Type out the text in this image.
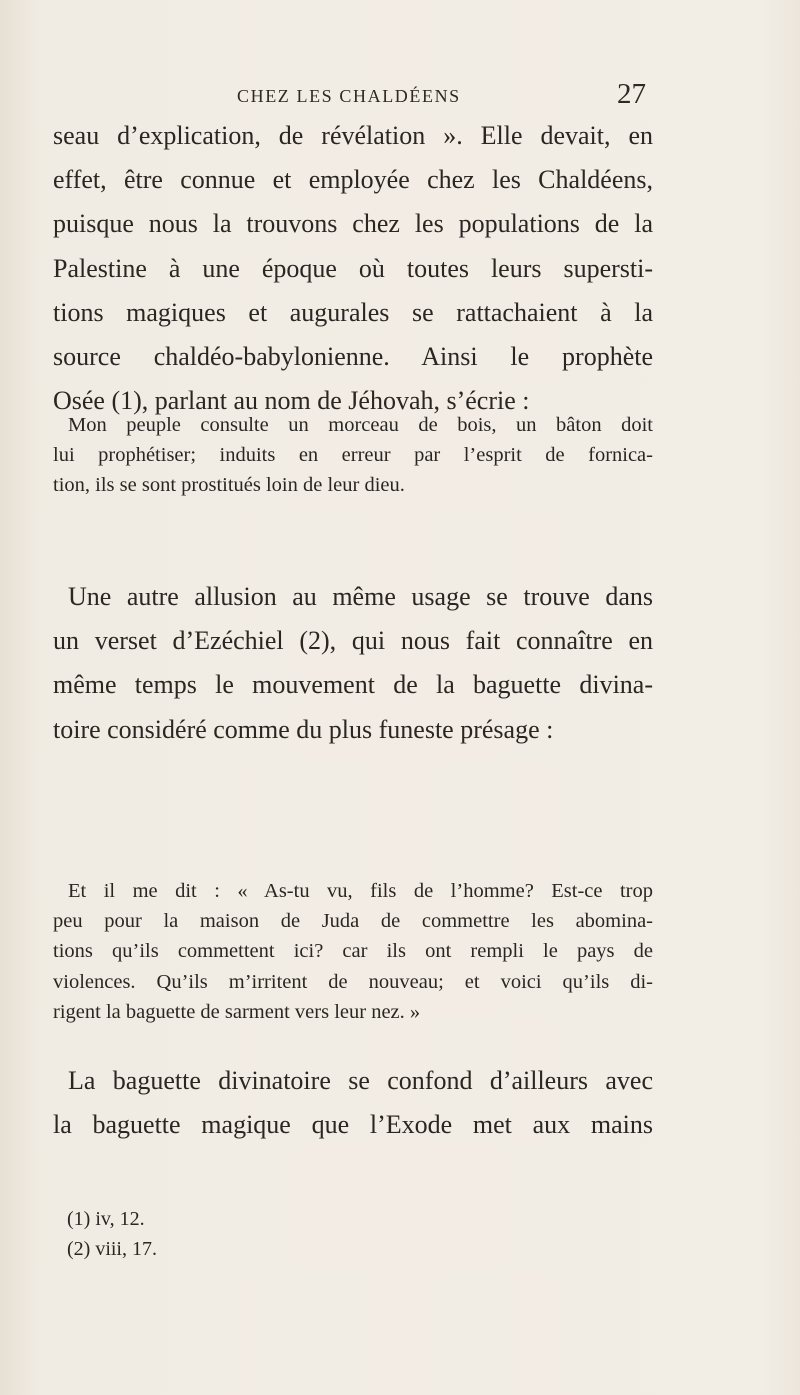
CHEZ LES CHALDÉENS	27

seau d’explication, de révélation ». Elle devait, en
effet, être connue et employée chez les Chaldéens,
puisque nous la trouvons chez les populations de la
Palestine à une époque où toutes leurs supersti-
tions magiques et augurales se rattachaient à la
source chaldéo-babylonienne. Ainsi le prophète
Osée (1), parlant au nom de Jéhovah, s’écrie :

Mon peuple consulte un morceau de bois, un bâton doit
lui prophétiser; induits en erreur par l’esprit de fornica-
tion, ils se sont prostitués loin de leur dieu.

Une autre allusion au même usage se trouve dans
un verset d’Ezéchiel (2), qui nous fait connaître en
même temps le mouvement de la baguette divina-
toire considéré comme du plus funeste présage :

Et il me dit : « As-tu vu, fils de l’homme? Est-ce trop
peu pour la maison de Juda de commettre les abomina-
tions qu’ils commettent ici? car ils ont rempli le pays de
violences. Qu’ils m’irritent de nouveau; et voici qu’ils di-
rigent la baguette de sarment vers leur nez. »

La baguette divinatoire se confond d’ailleurs avec
la baguette magique que l’Exode met aux mains

(1) iv, 12.
(2) viii, 17.
